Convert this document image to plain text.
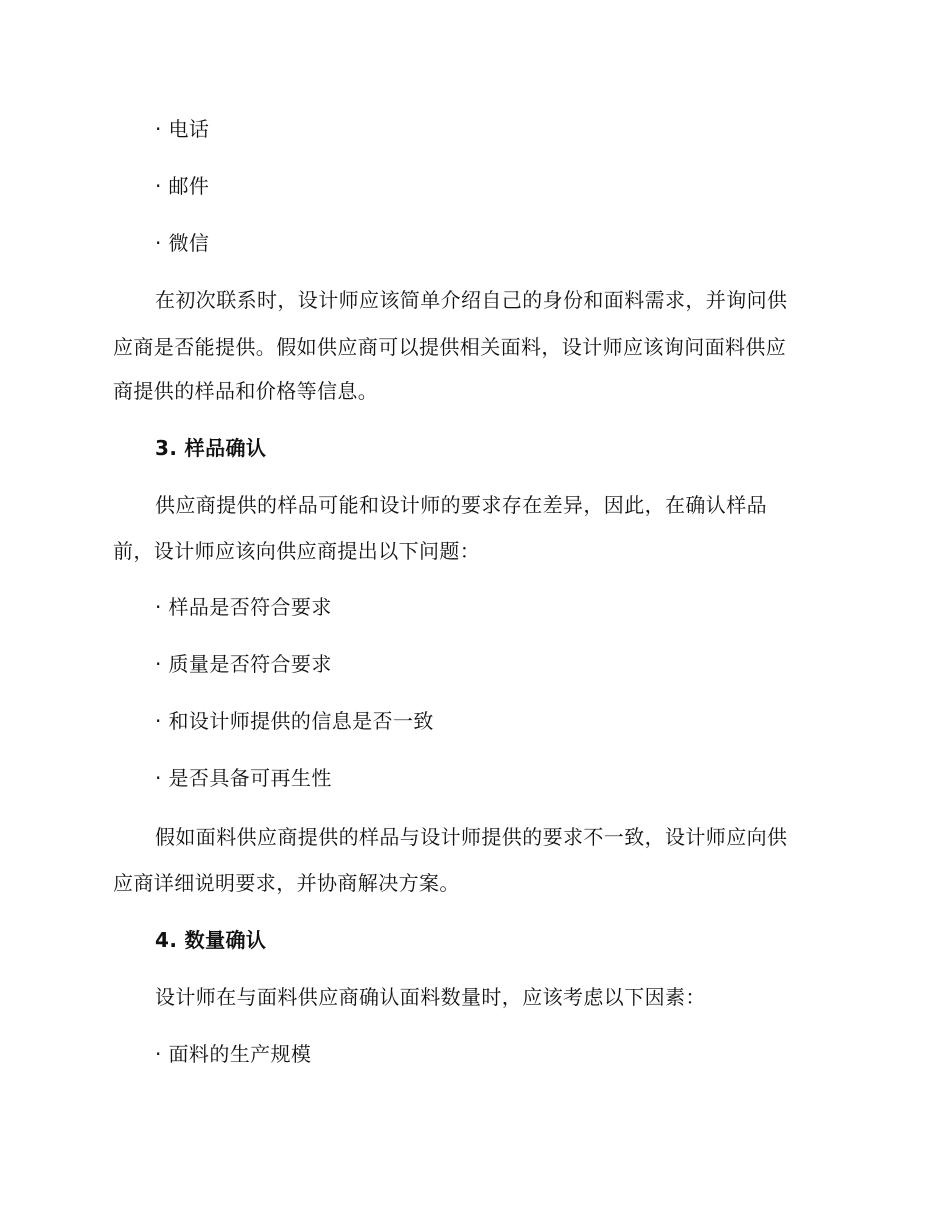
· 电话
· 邮件
· 微信
在初次联系时，设计师应该简单介绍自己的身份和面料需求，并询问供
应商是否能提供。假如供应商可以提供相关面料，设计师应该询问面料供应
商提供的样品和价格等信息。
3. 样品确认
供应商提供的样品可能和设计师的要求存在差异，因此，在确认样品
前，设计师应该向供应商提出以下问题：
· 样品是否符合要求
· 质量是否符合要求
· 和设计师提供的信息是否一致
· 是否具备可再生性
假如面料供应商提供的样品与设计师提供的要求不一致，设计师应向供
应商详细说明要求，并协商解决方案。
4. 数量确认
设计师在与面料供应商确认面料数量时，应该考虑以下因素：
· 面料的生产规模
